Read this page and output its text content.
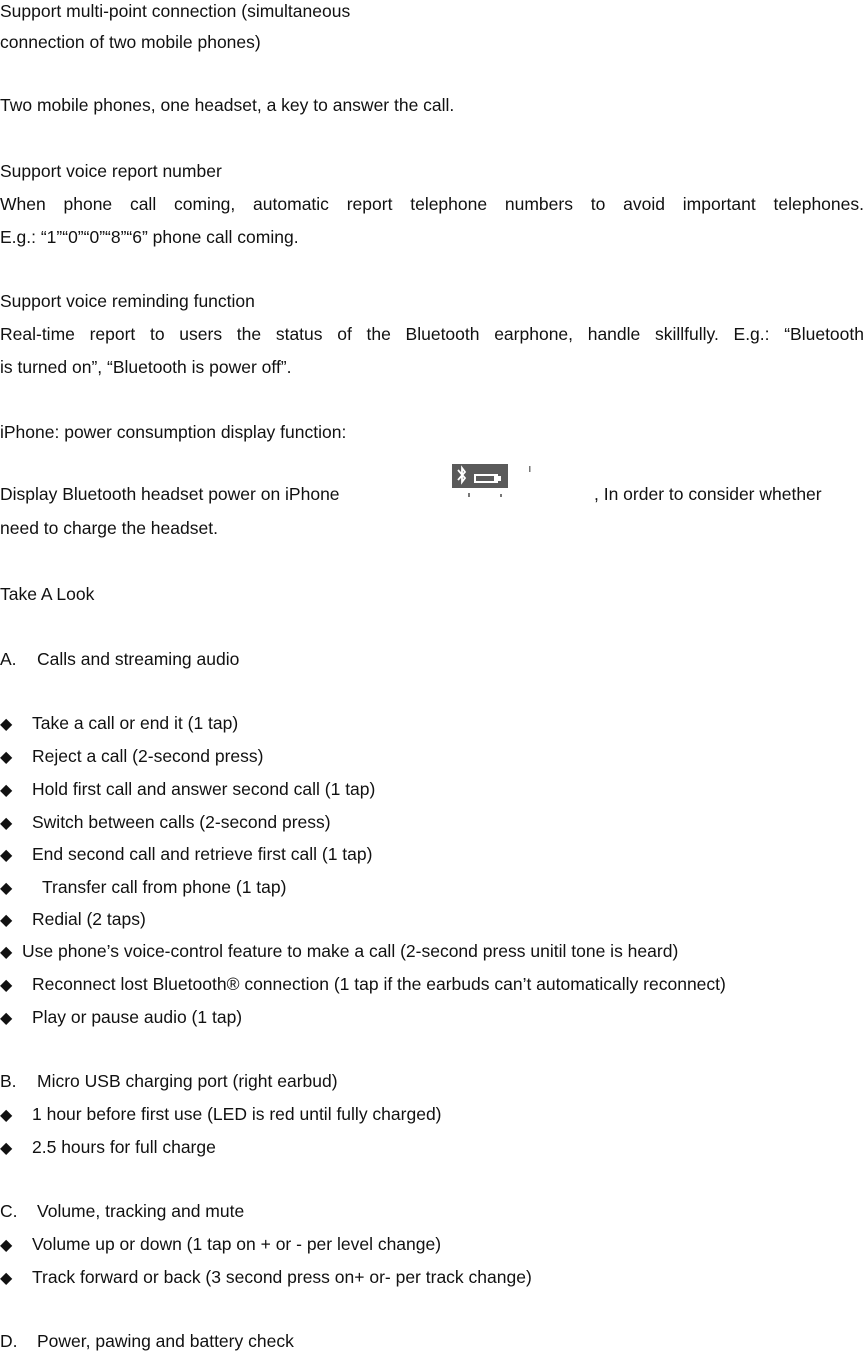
Support multi-point connection (simultaneous

connection of two mobile phones)

Two mobile phones, one headset, a key to answer the call.

Support voice report number

When phone call coming, automatic report telephone numbers to avoid important telephones.

E.g.: “1”“0”“0”“8”“6” phone call coming.

Support voice reminding function

Real-time report to users the status of the Bluetooth earphone, handle skillfully. E.g.: “Bluetooth

is turned on”, “Bluetooth is power off”.

iPhone: power consumption display function:

Display Bluetooth headset power on iPhone	, In order to consider whether

need to charge the headset.

Take A Look

A. Calls and streaming audio
◆ Take a call or end it (1 tap)
◆ Reject a call (2-second press)
◆ Hold first call and answer second call (1 tap)
◆ Switch between calls (2-second press)
◆ End second call and retrieve first call (1 tap)
◆ Transfer call from phone (1 tap)
◆ Redial (2 taps)
◆ Use phone’s voice-control feature to make a call (2-second press unitil tone is heard)
◆ Reconnect lost Bluetooth® connection (1 tap if the earbuds can’t automatically reconnect)
◆ Play or pause audio (1 tap)
B. Micro USB charging port (right earbud)
◆ 1 hour before first use (LED is red until fully charged)
◆ 2.5 hours for full charge
C. Volume, tracking and mute
◆ Volume up or down (1 tap on + or - per level change)
◆ Track forward or back (3 second press on+ or- per track change)
D. Power, pawing and battery check
